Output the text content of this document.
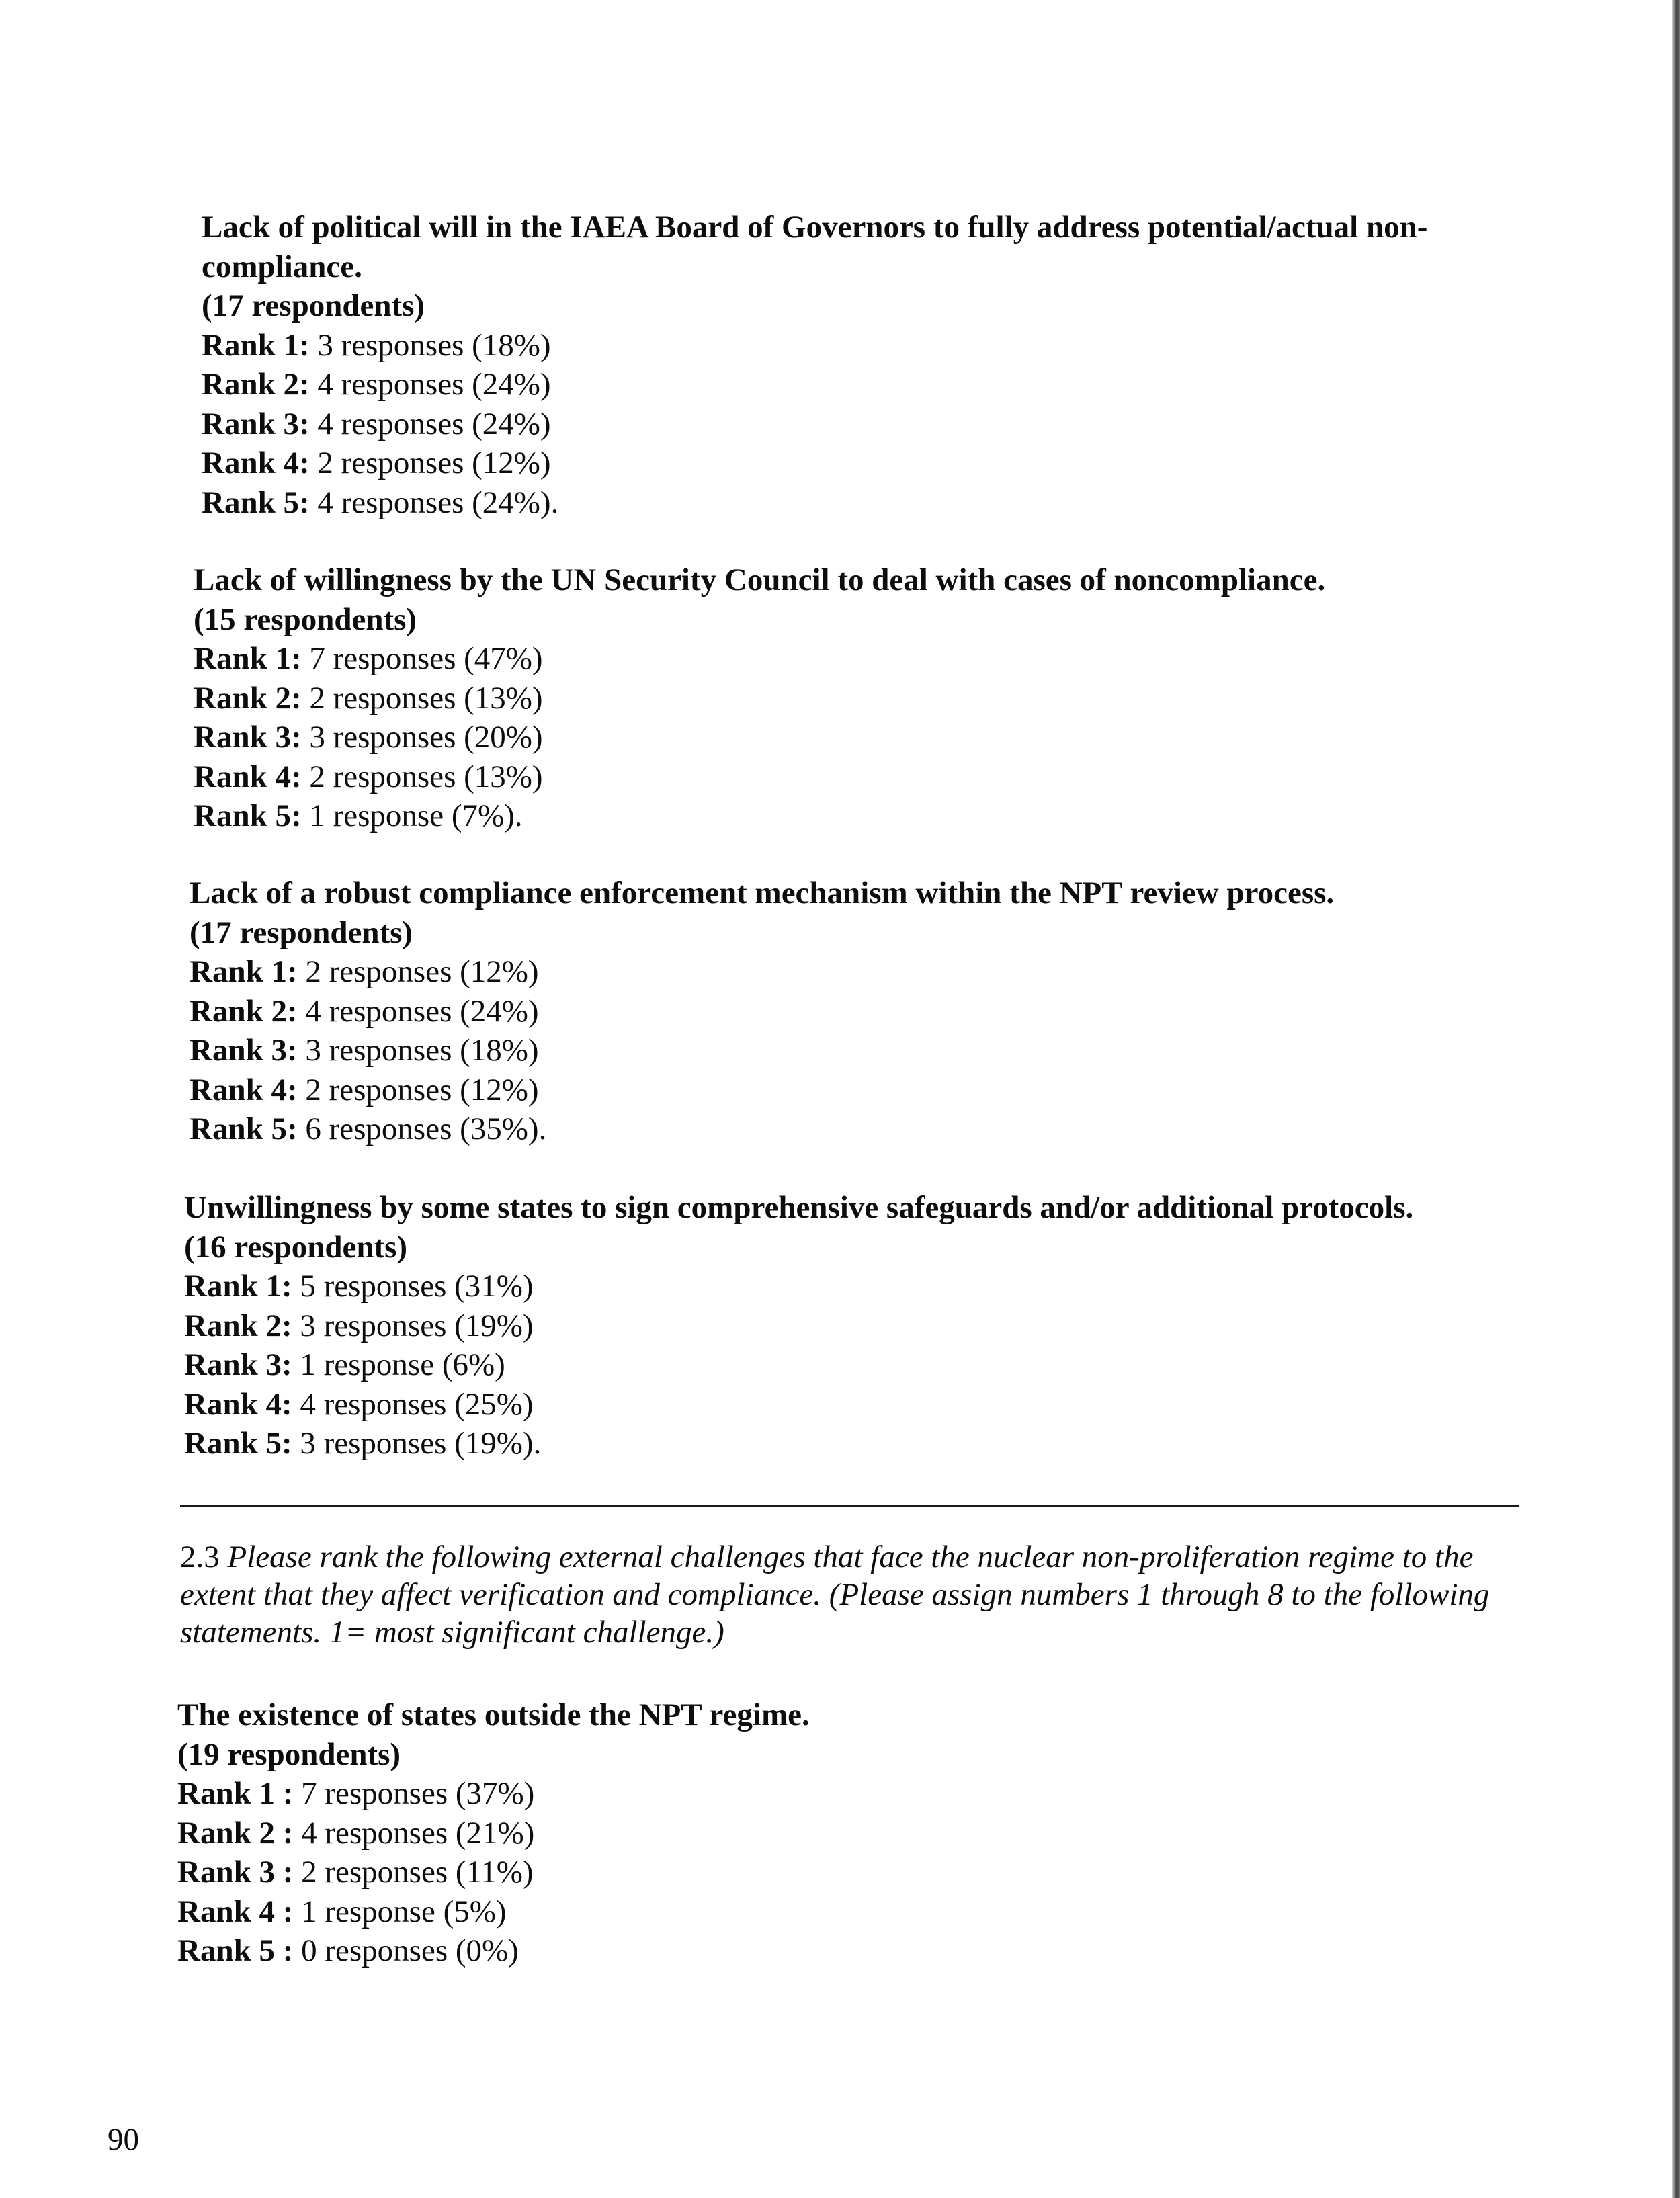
Lack of political will in the IAEA Board of Governors to fully address potential/actual non-compliance.
(17 respondents)
Rank 1: 3 responses (18%)
Rank 2: 4 responses (24%)
Rank 3: 4 responses (24%)
Rank 4: 2 responses (12%)
Rank 5: 4 responses (24%).
Lack of willingness by the UN Security Council to deal with cases of noncompliance.
(15 respondents)
Rank 1: 7 responses (47%)
Rank 2: 2 responses (13%)
Rank 3: 3 responses (20%)
Rank 4: 2 responses (13%)
Rank 5: 1 response (7%).
Lack of a robust compliance enforcement mechanism within the NPT review process.
(17 respondents)
Rank 1: 2 responses (12%)
Rank 2: 4 responses (24%)
Rank 3: 3 responses (18%)
Rank 4: 2 responses (12%)
Rank 5: 6 responses (35%).
Unwillingness by some states to sign comprehensive safeguards and/or additional protocols.
(16 respondents)
Rank 1: 5 responses (31%)
Rank 2: 3 responses (19%)
Rank 3: 1 response (6%)
Rank 4: 4 responses (25%)
Rank 5: 3 responses (19%).
2.3 Please rank the following external challenges that face the nuclear non-proliferation regime to the extent that they affect verification and compliance. (Please assign numbers 1 through 8 to the following statements. 1= most significant challenge.)
The existence of states outside the NPT regime.
(19 respondents)
Rank 1 : 7 responses (37%)
Rank 2 : 4 responses (21%)
Rank 3 : 2 responses (11%)
Rank 4 : 1 response (5%)
Rank 5 : 0 responses (0%)
90
